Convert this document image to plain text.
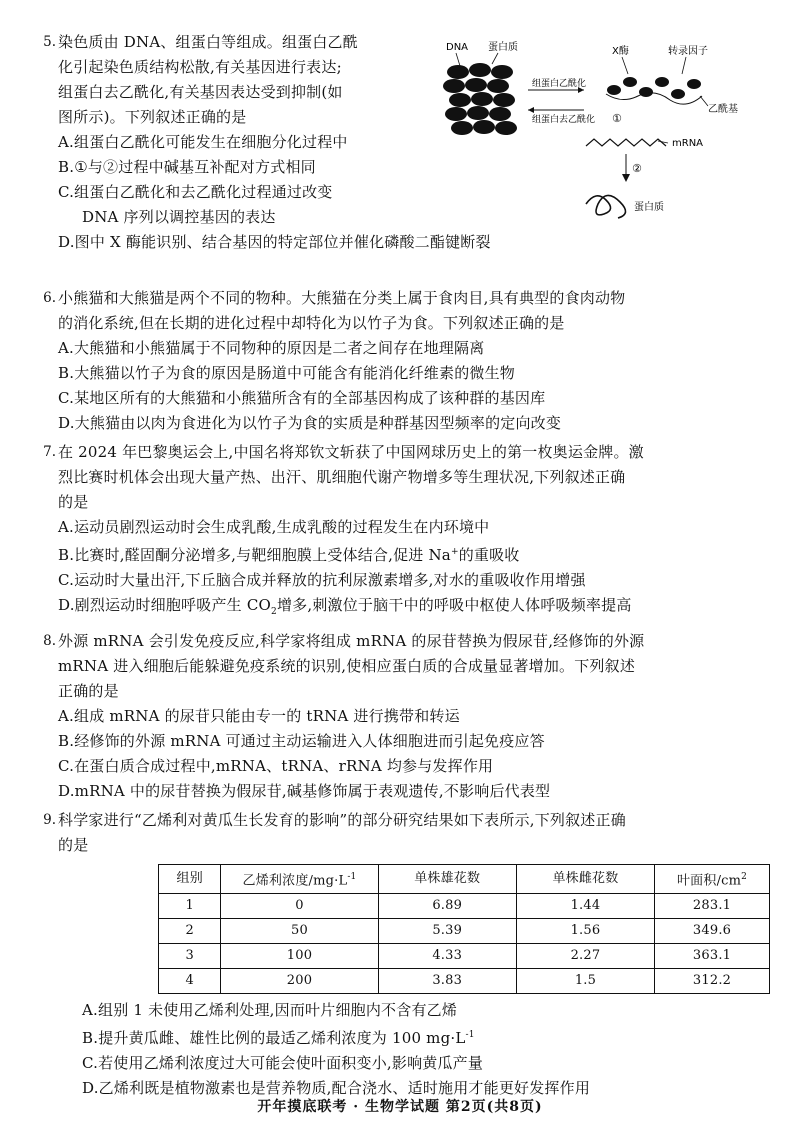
5. 染色质由 DNA、组蛋白等组成。组蛋白乙酰
化引起染色质结构松散,有关基因进行表达;
组蛋白去乙酰化,有关基因表达受到抑制(如
图所示)。下列叙述正确的是
A.组蛋白乙酰化可能发生在细胞分化过程中
B.①与②过程中碱基互补配对方式相同
C.组蛋白乙酰化和去乙酰化过程通过改变
DNA 序列以调控基因的表达
D.图中 X 酶能识别、结合基因的特定部位并催化磷酸二酯键断裂
DNA 蛋白质
组蛋白乙酰化
组蛋白去乙酰化
X酶	转录因子
乙酰基
①
mRNA
②
蛋白质
6. 小熊猫和大熊猫是两个不同的物种。大熊猫在分类上属于食肉目,具有典型的食肉动物
的消化系统,但在长期的进化过程中却特化为以竹子为食。下列叙述正确的是
A.大熊猫和小熊猫属于不同物种的原因是二者之间存在地理隔离
B.大熊猫以竹子为食的原因是肠道中可能含有能消化纤维素的微生物
C.某地区所有的大熊猫和小熊猫所含有的全部基因构成了该种群的基因库
D.大熊猫由以肉为食进化为以竹子为食的实质是种群基因型频率的定向改变
7. 在 2024 年巴黎奥运会上,中国名将郑钦文斩获了中国网球历史上的第一枚奥运金牌。激
烈比赛时机体会出现大量产热、出汗、肌细胞代谢产物增多等生理状况,下列叙述正确
的是
A.运动员剧烈运动时会生成乳酸,生成乳酸的过程发生在内环境中
B.比赛时,醛固酮分泌增多,与靶细胞膜上受体结合,促进 Na+的重吸收
C.运动时大量出汗,下丘脑合成并释放的抗利尿激素增多,对水的重吸收作用增强
D.剧烈运动时细胞呼吸产生 $CO_2$增多,刺激位于脑干中的呼吸中枢使人体呼吸频率提高
8. 外源 mRNA 会引发免疫反应,科学家将组成 mRNA 的尿苷替换为假尿苷,经修饰的外源
mRNA 进入细胞后能躲避免疫系统的识别,使相应蛋白质的合成量显著增加。下列叙述
正确的是
A.组成 mRNA 的尿苷只能由专一的 tRNA 进行携带和转运
B.经修饰的外源 mRNA 可通过主动运输进入人体细胞进而引起免疫应答
C.在蛋白质合成过程中,mRNA、tRNA、rRNA 均参与发挥作用
D.mRNA 中的尿苷替换为假尿苷,碱基修饰属于表观遗传,不影响后代表型
9. 科学家进行“乙烯利对黄瓜生长发育的影响”的部分研究结果如下表所示,下列叙述正确
的是
组别	乙烯利浓度$/mg\cdot L^{-1}$	单株雄花数	单株雌花数	叶面积$/cm^2$
1	0	6.89	1.44	283.1
2	50	5.39	1.56	349.6
3	100	4.33	2.27	363.1
4	200	3.83	1.5	312.2
A.组别 1 未使用乙烯利处理,因而叶片细胞内不含有乙烯
B.提升黄瓜雌、雄性比例的最适乙烯利浓度为 100 $mg\cdot L^{-1}$
C.若使用乙烯利浓度过大可能会使叶面积变小,影响黄瓜产量
D.乙烯利既是植物激素也是营养物质,配合浇水、适时施用才能更好发挥作用
开年摸底联考 · 生物学试题 第2页(共8页)
